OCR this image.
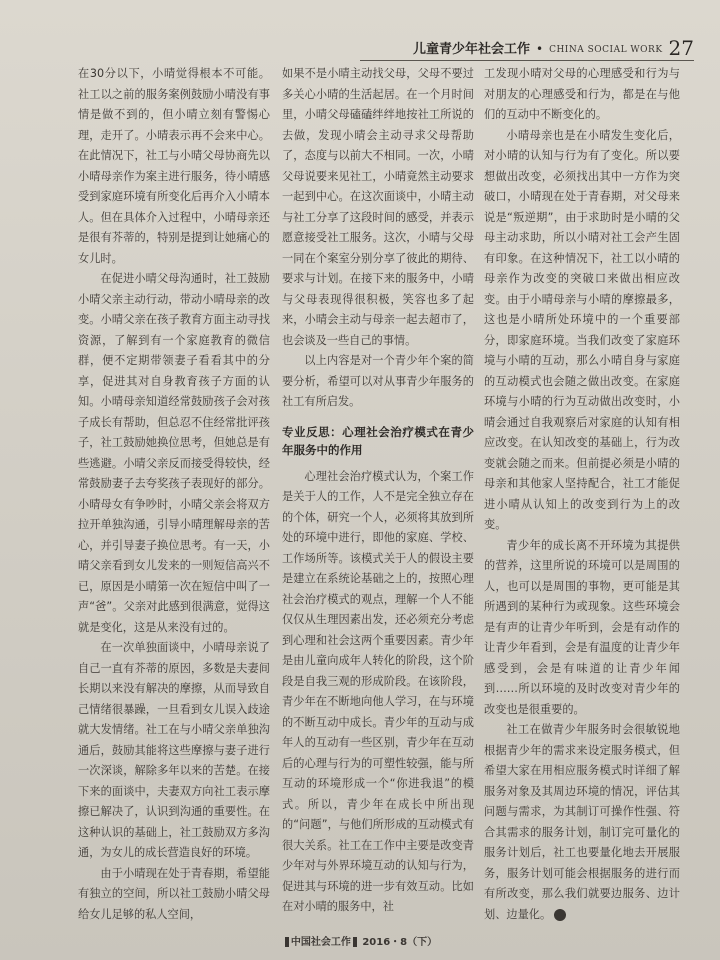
儿童青少年社会工作 • CHINA SOCIAL WORK 27

在30分以下，小晴觉得根本不可能。社工以之前的服务案例鼓励小晴没有事情是做不到的，但小晴立刻有警惕心理，走开了。小晴表示再不会来中心。在此情况下，社工与小晴父母协商先以小晴母亲作为案主进行服务，待小晴感受到家庭环境有所变化后再介入小晴本人。但在具体介入过程中，小晴母亲还是很有芥蒂的，特别是提到让她痛心的女儿时。

在促进小晴父母沟通时，社工鼓励小晴父亲主动行动，带动小晴母亲的改变。小晴父亲在孩子教育方面主动寻找资源，了解到有一个家庭教育的微信群，便不定期带领妻子看看其中的分享，促进其对自身教育孩子方面的认知。小晴母亲知道经常鼓励孩子会对孩子成长有帮助，但总忍不住经常批评孩子，社工鼓励她换位思考，但她总是有些逃避。小晴父亲反而接受得较快，经常鼓励妻子去夸奖孩子表现好的部分。小晴母女有争吵时，小晴父亲会将双方拉开单独沟通，引导小晴理解母亲的苦心，并引导妻子换位思考。有一天，小晴父亲看到女儿发来的一则短信高兴不已，原因是小晴第一次在短信中叫了一声“爸”。父亲对此感到很满意，觉得这就是变化，这是从来没有过的。

在一次单独面谈中，小晴母亲说了自己一直有芥蒂的原因，多数是夫妻间长期以来没有解决的摩擦，从而导致自己情绪很暴躁，一旦看到女儿误入歧途就大发情绪。社工在与小晴父亲单独沟通后，鼓励其能将这些摩擦与妻子进行一次深谈，解除多年以来的苦楚。在接下来的面谈中，夫妻双方向社工表示摩擦已解决了，认识到沟通的重要性。在这种认识的基础上，社工鼓励双方多沟通，为女儿的成长营造良好的环境。

由于小晴现在处于青春期，希望能有独立的空间，所以社工鼓励小晴父母给女儿足够的私人空间，

如果不是小晴主动找父母，父母不要过多关心小晴的生活起居。在一个月时间里，小晴父母磕磕绊绊地按社工所说的去做，发现小晴会主动寻求父母帮助了，态度与以前大不相同。一次，小晴父母说要来见社工，小晴竟然主动要求一起到中心。在这次面谈中，小晴主动与社工分享了这段时间的感受，并表示愿意接受社工服务。这次，小晴与父母一同在个案室分别分享了彼此的期待、要求与计划。在接下来的服务中，小晴与父母表现得很积极，笑容也多了起来，小晴会主动与母亲一起去超市了，也会谈及一些自己的事情。

以上内容是对一个青少年个案的简要分析，希望可以对从事青少年服务的社工有所启发。

专业反思：心理社会治疗模式在青少年服务中的作用

心理社会治疗模式认为，个案工作是关于人的工作，人不是完全独立存在的个体，研究一个人，必须将其放到所处的环境中进行，即他的家庭、学校、工作场所等。该模式关于人的假设主要是建立在系统论基础之上的，按照心理社会治疗模式的观点，理解一个人不能仅仅从生理因素出发，还必须充分考虑到心理和社会这两个重要因素。青少年是由儿童向成年人转化的阶段，这个阶段是自我三观的形成阶段。在该阶段，青少年在不断地向他人学习，在与环境的不断互动中成长。青少年的互动与成年人的互动有一些区别，青少年在互动后的心理与行为的可塑性较强，能与所互动的环境形成一个“你进我退”的模式。所以，青少年在成长中所出现的“问题”，与他们所形成的互动模式有很大关系。社工在工作中主要是改变青少年对与外界环境互动的认知与行为，促进其与环境的进一步有效互动。比如在对小晴的服务中，社

工发现小晴对父母的心理感受和行为与对朋友的心理感受和行为，都是在与他们的互动中不断变化的。

小晴母亲也是在小晴发生变化后，对小晴的认知与行为有了变化。所以要想做出改变，必须找出其中一方作为突破口，小晴现在处于青春期，对父母来说是“叛逆期”，由于求助时是小晴的父母主动求助，所以小晴对社工会产生固有印象。在这种情况下，社工以小晴的母亲作为改变的突破口来做出相应改变。由于小晴母亲与小晴的摩擦最多，这也是小晴所处环境中的一个重要部分，即家庭环境。当我们改变了家庭环境与小晴的互动，那么小晴自身与家庭的互动模式也会随之做出改变。在家庭环境与小晴的行为互动做出改变时，小晴会通过自我观察后对家庭的认知有相应改变。在认知改变的基础上，行为改变就会随之而来。但前提必须是小晴的母亲和其他家人坚持配合，社工才能促进小晴从认知上的改变到行为上的改变。

青少年的成长离不开环境为其提供的营养，这里所说的环境可以是周围的人，也可以是周围的事物，更可能是其所遇到的某种行为或现象。这些环境会是有声的让青少年听到，会是有动作的让青少年看到，会是有温度的让青少年感受到，会是有味道的让青少年闻到……所以环境的及时改变对青少年的改变也是很重要的。

社工在做青少年服务时会很敏锐地根据青少年的需求来设定服务模式，但希望大家在用相应服务模式时详细了解服务对象及其周边环境的情况，评估其问题与需求，为其制订可操作性强、符合其需求的服务计划，制订完可量化的服务计划后，社工也要量化地去开展服务，服务计划可能会根据服务的进行而有所改变，那么我们就要边服务、边计划、边量化。

中国社会工作 2016・8（下）
